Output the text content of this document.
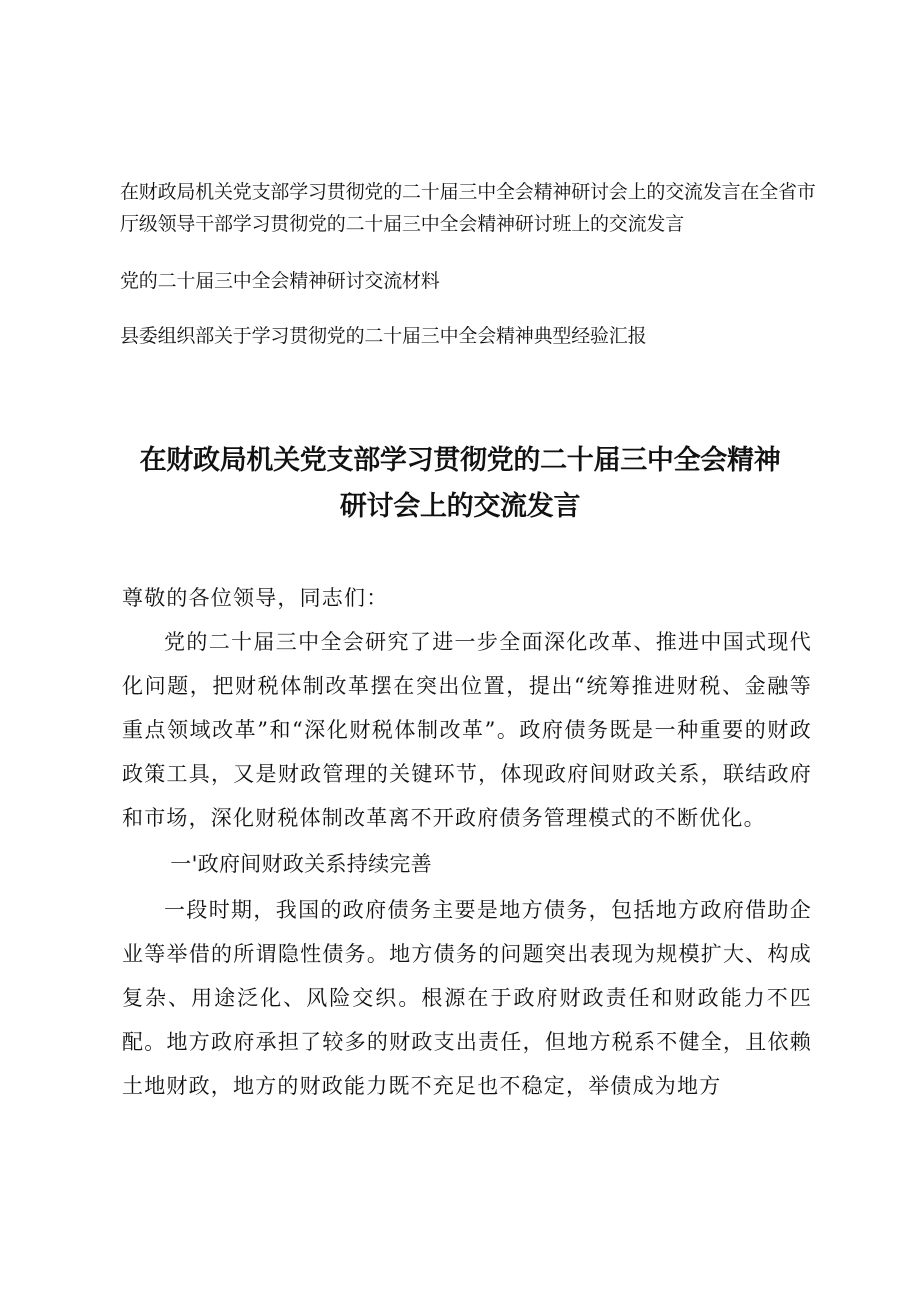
在财政局机关党支部学习贯彻党的二十届三中全会精神研讨会上的交流发言在全省市厅级领导干部学习贯彻党的二十届三中全会精神研讨班上的交流发言

党的二十届三中全会精神研讨交流材料

县委组织部关于学习贯彻党的二十届三中全会精神典型经验汇报

在财政局机关党支部学习贯彻党的二十届三中全会精神
研讨会上的交流发言

尊敬的各位领导，同志们：

党的二十届三中全会研究了进一步全面深化改革、推进中国式现代化问题，把财税体制改革摆在突出位置，提出“统筹推进财税、金融等重点领域改革”和“深化财税体制改革”。政府债务既是一种重要的财政政策工具，又是财政管理的关键环节，体现政府间财政关系，联结政府和市场，深化财税体制改革离不开政府债务管理模式的不断优化。

一'政府间财政关系持续完善

一段时期，我国的政府债务主要是地方债务，包括地方政府借助企业等举借的所谓隐性债务。地方债务的问题突出表现为规模扩大、构成复杂、用途泛化、风险交织。根源在于政府财政责任和财政能力不匹配。地方政府承担了较多的财政支出责任，但地方税系不健全，且依赖土地财政，地方的财政能力既不充足也不稳定，举债成为地方
